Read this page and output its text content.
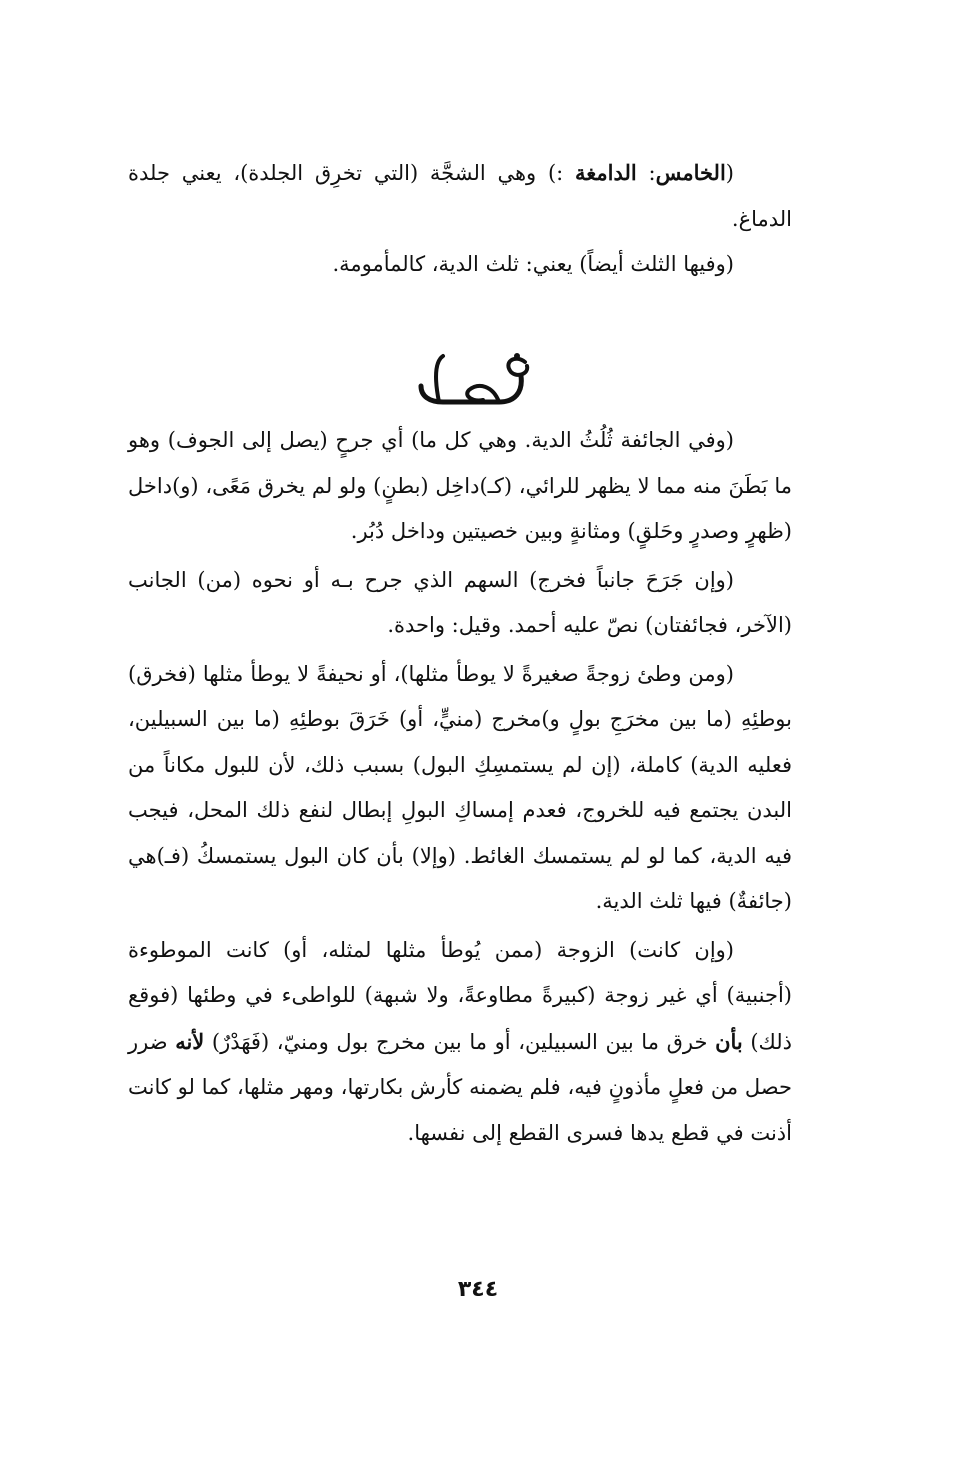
(الخامس: الدامغة :) وهي الشجَّة (التي تخرِق الجلدة)، يعني جلدة الدماغ.

(وفيها الثلث أيضاً) يعني: ثلث الدية، كالمأمومة.

(وفي الجائفة ثُلُثُ الدية. وهي كل ما) أي جرحٍ (يصل إلى الجوف) وهو ما بَطَنَ منه مما لا يظهر للرائي، (كـ)داخِل (بطنٍ) ولو لم يخرق مَعًى، (و)داخل (ظهرٍ وصدرٍ وحَلقٍ) ومثانةٍ وبين خصيتين وداخل دُبُر.

(وإن جَرَحَ جانباً فخرج) السهم الذي جرح بـه أو نحوه (من) الجانب (الآخر، فجائفتان) نصّ عليه أحمد. وقيل: واحدة.

(ومن وطئ زوجةً صغيرةً لا يوطأ مثلها)، أو نحيفةً لا يوطأ مثلها (فخرق) بوطئِهِ (ما بين مخرَجِ بولٍ و)مخرج (منيٍّ، أو) خَرَقَ بوطئِهِ (ما بين السبيلين، فعليه الدية) كاملة، (إن لم يستمسِكِ البول) بسبب ذلك، لأن للبول مكاناً من البدن يجتمع فيه للخروج، فعدم إمساكِ البولِ إبطال لنفع ذلك المحل، فيجب فيه الدية، كما لو لم يستمسك الغائط. (وإلا) بأن كان البول يستمسكُ (فـ)هي (جائفةٌ) فيها ثلث الدية.

(وإن كانت) الزوجة (ممن يُوطأ مثلها لمثله، أو) كانت الموطوءة (أجنبية) أي غير زوجة (كبيرةً مطاوعةً، ولا شبهة) للواطىء في وطئها (فوقع ذلك) بأن خرق ما بين السبيلين، أو ما بين مخرج بول ومنيّ، (فَهَدْرٌ) لأنه ضرر حصل من فعلٍ مأذونٍ فيه، فلم يضمنه كأرش بكارتها، ومهر مثلها، كما لو كانت أذنت في قطع يدها فسرى القطع إلى نفسها.

٣٤٤
